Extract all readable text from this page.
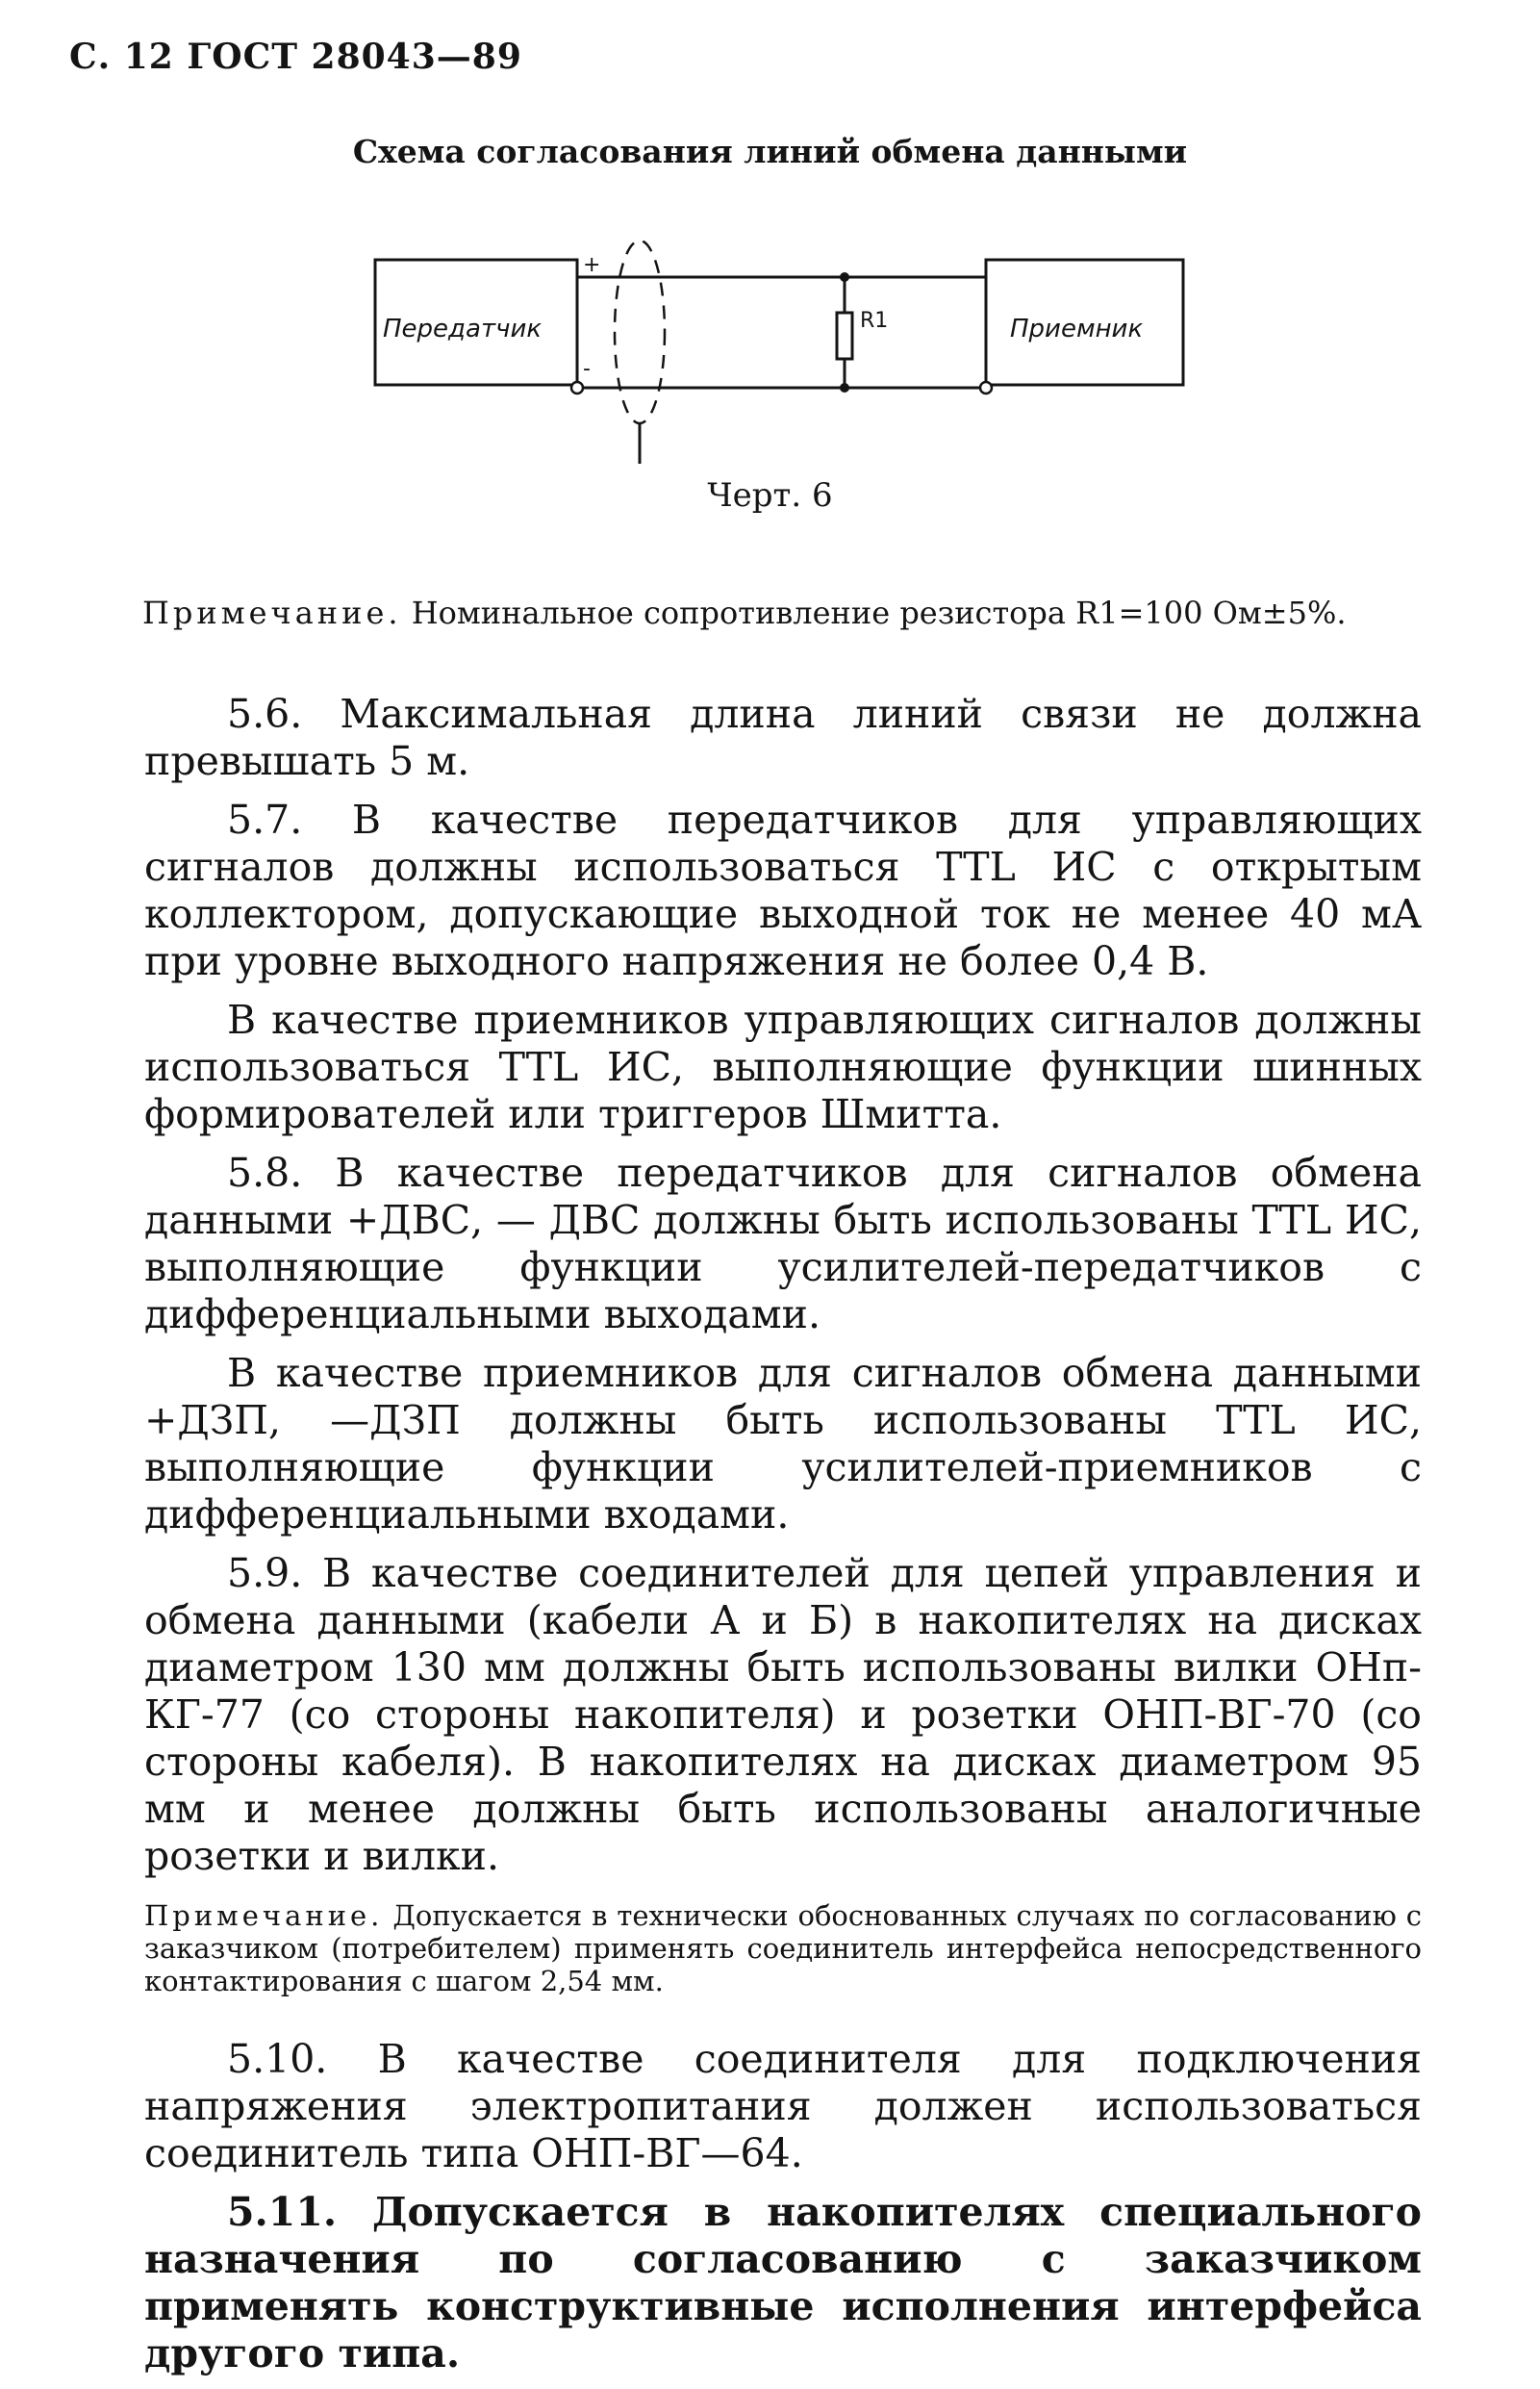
С. 12 ГОСТ 28043—89
Схема согласования линий обмена данными
Передатчик	Приемник
+
-
R1
Черт. 6
Примечание. Номинальное сопротивление резистора R1=100 Ом±5%.

5.6. Максимальная длина линий связи не должна превышать 5 м.

5.7. В качестве передатчиков для управляющих сигналов должны использоваться TTL ИС с открытым коллектором, допускающие выходной ток не менее 40 мА при уровне выходного напряжения не более 0,4 В.

В качестве приемников управляющих сигналов должны использоваться TTL ИС, выполняющие функции шинных формирователей или триггеров Шмитта.

5.8. В качестве передатчиков для сигналов обмена данными +ДВС, — ДВС должны быть использованы TTL ИС, выполняющие функции усилителей-передатчиков с дифференциальными выходами.

В качестве приемников для сигналов обмена данными +ДЗП, —ДЗП должны быть использованы TTL ИС, выполняющие функции усилителей-приемников с дифференциальными входами.

5.9. В качестве соединителей для цепей управления и обмена данными (кабели А и Б) в накопителях на дисках диаметром 130 мм должны быть использованы вилки ОНп-КГ-77 (со стороны накопителя) и розетки ОНП-ВГ-70 (со стороны кабеля). В накопителях на дисках диаметром 95 мм и менее должны быть использованы аналогичные розетки и вилки.

Примечание. Допускается в технически обоснованных случаях по согласованию с заказчиком (потребителем) применять соединитель интерфейса непосредственного контактирования с шагом 2,54 мм.

5.10. В качестве соединителя для подключения напряжения электропитания должен использоваться соединитель типа ОНП-ВГ—64.

5.11. Допускается в накопителях специального назначения по согласованию с заказчиком применять конструктивные исполнения интерфейса другого типа.
